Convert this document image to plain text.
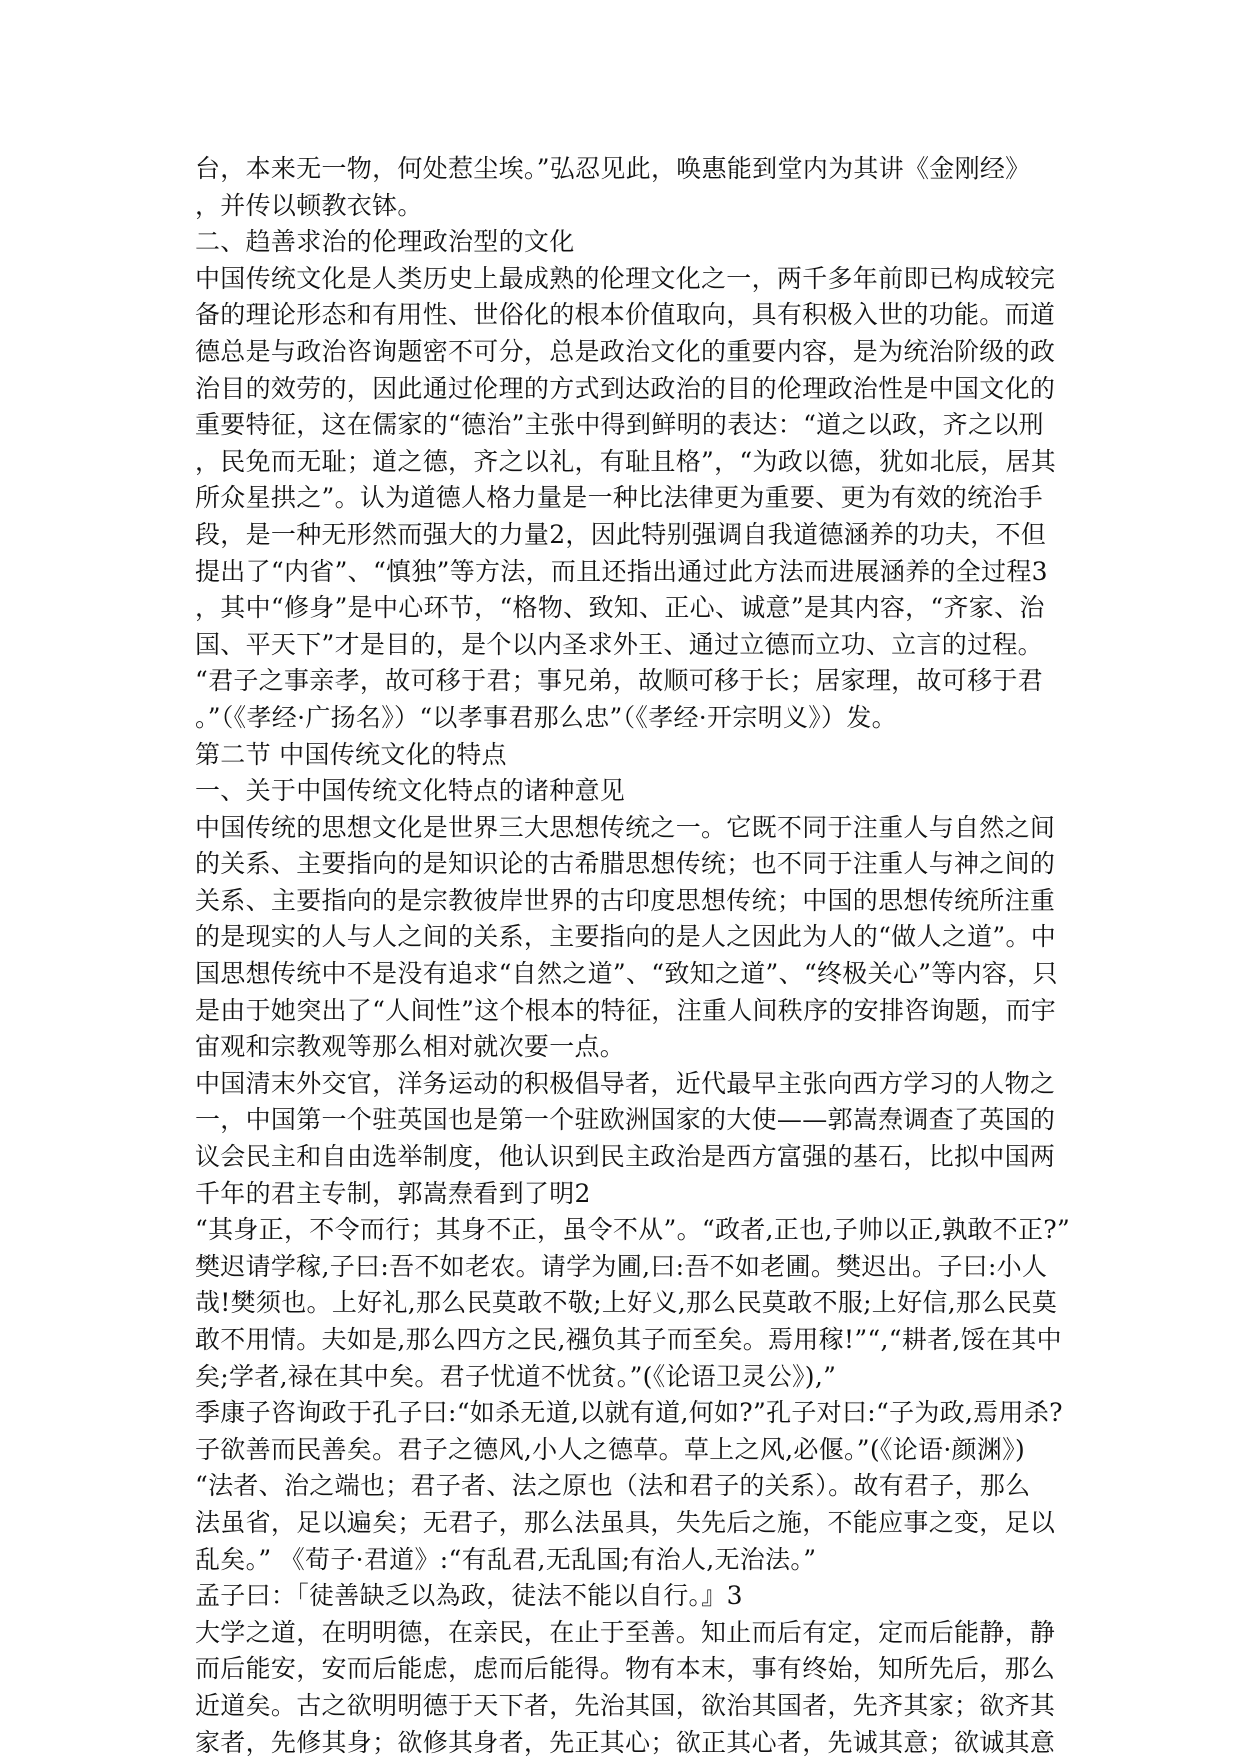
台，本来无一物，何处惹尘埃。”弘忍见此，唤惠能到堂内为其讲《金刚经》
，并传以顿教衣钵。
二、趋善求治的伦理政治型的文化
中国传统文化是人类历史上最成熟的伦理文化之一，两千多年前即已构成较完
备的理论形态和有用性、世俗化的根本价值取向，具有积极入世的功能。而道
德总是与政治咨询题密不可分，总是政治文化的重要内容，是为统治阶级的政
治目的效劳的，因此通过伦理的方式到达政治的目的伦理政治性是中国文化的
重要特征，这在儒家的“德治”主张中得到鲜明的表达：“道之以政，齐之以刑
，民免而无耻；道之德，齐之以礼，有耻且格”，“为政以德，犹如北辰，居其
所众星拱之”。认为道德人格力量是一种比法律更为重要、更为有效的统治手
段，是一种无形然而强大的力量2，因此特别强调自我道德涵养的功夫，不但
提出了“内省”、“慎独”等方法，而且还指出通过此方法而进展涵养的全过程3
，其中“修身”是中心环节，“格物、致知、正心、诚意”是其内容，“齐家、治
国、平天下”才是目的，是个以内圣求外王、通过立德而立功、立言的过程。
“君子之事亲孝，故可移于君；事兄弟，故顺可移于长；居家理，故可移于君
。”（《孝经·广扬名》）“以孝事君那么忠”（《孝经·开宗明义》）发。
第二节 中国传统文化的特点
一、关于中国传统文化特点的诸种意见
中国传统的思想文化是世界三大思想传统之一。它既不同于注重人与自然之间
的关系、主要指向的是知识论的古希腊思想传统；也不同于注重人与神之间的
关系、主要指向的是宗教彼岸世界的古印度思想传统；中国的思想传统所注重
的是现实的人与人之间的关系，主要指向的是人之因此为人的“做人之道”。中
国思想传统中不是没有追求“自然之道”、“致知之道”、“终极关心”等内容，只
是由于她突出了“人间性”这个根本的特征，注重人间秩序的安排咨询题，而宇
宙观和宗教观等那么相对就次要一点。
中国清末外交官，洋务运动的积极倡导者，近代最早主张向西方学习的人物之
一，中国第一个驻英国也是第一个驻欧洲国家的大使——郭嵩焘调查了英国的
议会民主和自由选举制度，他认识到民主政治是西方富强的基石，比拟中国两
千年的君主专制，郭嵩焘看到了明2
“其身正，不令而行；其身不正，虽令不从”。“政者,正也,子帅以正,孰敢不正?”
樊迟请学稼,子曰:吾不如老农。请学为圃,曰:吾不如老圃。樊迟出。子曰:小人
哉!樊须也。上好礼,那么民莫敢不敬;上好义,那么民莫敢不服;上好信,那么民莫
敢不用情。夫如是,那么四方之民,襁负其子而至矣。焉用稼!”“,“耕者,馁在其中
矣;学者,禄在其中矣。君子忧道不忧贫。”(《论语卫灵公》),”
季康子咨询政于孔子曰:“如杀无道,以就有道,何如?”孔子对曰:“子为政,焉用杀?
子欲善而民善矣。君子之德风,小人之德草。草上之风,必偃。”(《论语·颜渊》)
“法者、治之端也；君子者、法之原也（法和君子的关系）。故有君子，那么
法虽省，足以遍矣；无君子，那么法虽具，失先后之施，不能应事之变，足以
乱矣。” 《荀子·君道》:“有乱君,无乱国;有治人,无治法。”
孟子曰：「徒善缺乏以為政，徒法不能以自行。』3
大学之道，在明明德，在亲民，在止于至善。知止而后有定，定而后能静，静
而后能安，安而后能虑，虑而后能得。物有本末，事有终始，知所先后，那么
近道矣。古之欲明明德于天下者，先治其国，欲治其国者，先齐其家；欲齐其
家者，先修其身；欲修其身者，先正其心；欲正其心者，先诚其意；欲诚其意
